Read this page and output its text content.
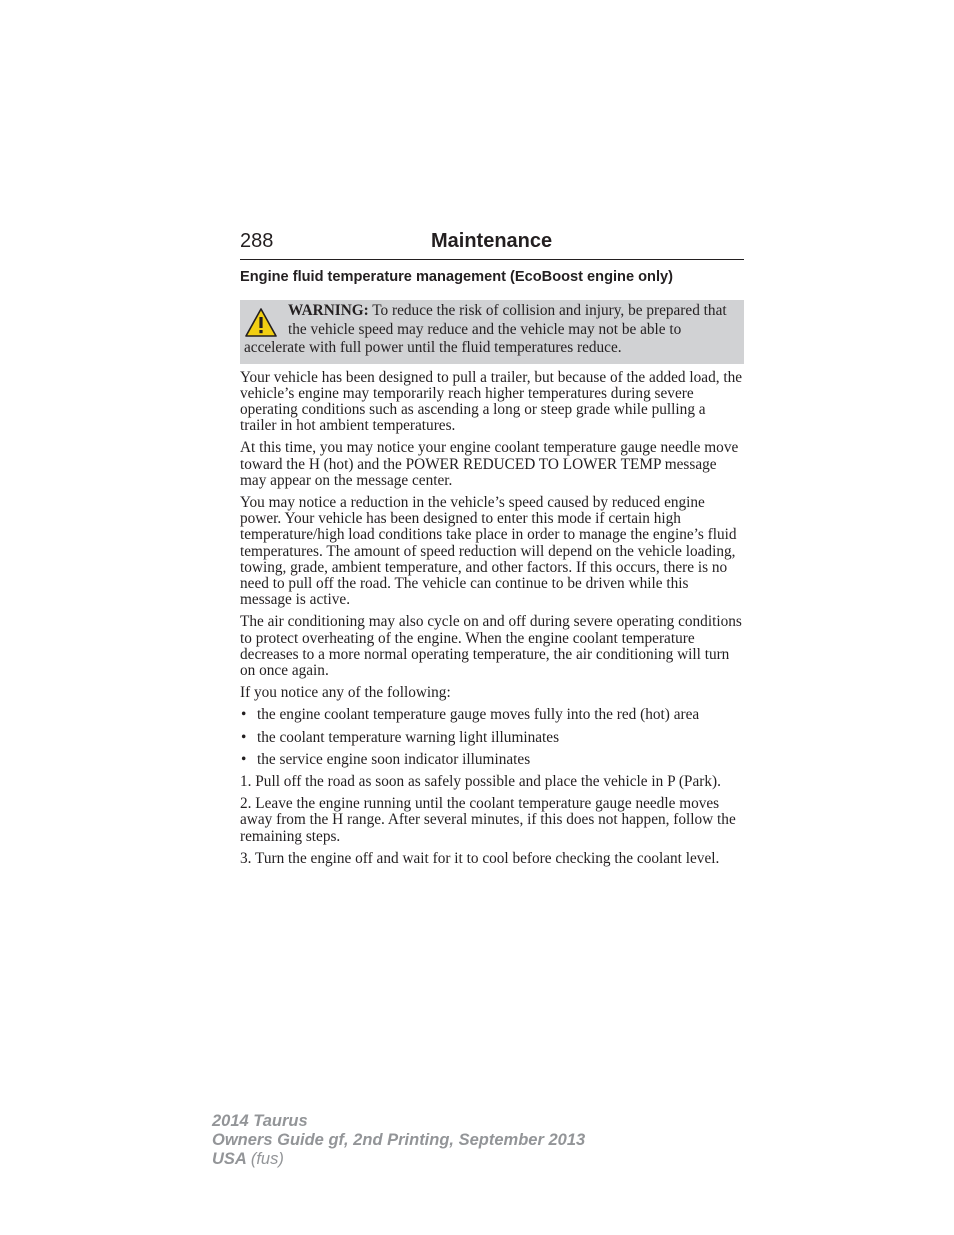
288	Maintenance
Engine fluid temperature management (EcoBoost engine only)
WARNING: To reduce the risk of collision and injury, be prepared that the vehicle speed may reduce and the vehicle may not be able to accelerate with full power until the fluid temperatures reduce.

Your vehicle has been designed to pull a trailer, but because of the added load, the vehicle’s engine may temporarily reach higher temperatures during severe operating conditions such as ascending a long or steep grade while pulling a trailer in hot ambient temperatures.

At this time, you may notice your engine coolant temperature gauge needle move toward the H (hot) and the POWER REDUCED TO LOWER TEMP message may appear on the message center.

You may notice a reduction in the vehicle’s speed caused by reduced engine power. Your vehicle has been designed to enter this mode if certain high temperature/high load conditions take place in order to manage the engine’s fluid temperatures. The amount of speed reduction will depend on the vehicle loading, towing, grade, ambient temperature, and other factors. If this occurs, there is no need to pull off the road. The vehicle can continue to be driven while this message is active.

The air conditioning may also cycle on and off during severe operating conditions to protect overheating of the engine. When the engine coolant temperature decreases to a more normal operating temperature, the air conditioning will turn on once again.

If you notice any of the following:

• the engine coolant temperature gauge moves fully into the red (hot) area
• the coolant temperature warning light illuminates
• the service engine soon indicator illuminates

1. Pull off the road as soon as safely possible and place the vehicle in P (Park).

2. Leave the engine running until the coolant temperature gauge needle moves away from the H range. After several minutes, if this does not happen, follow the remaining steps.

3. Turn the engine off and wait for it to cool before checking the coolant level.

2014 Taurus
Owners Guide gf, 2nd Printing, September 2013
USA (fus)
